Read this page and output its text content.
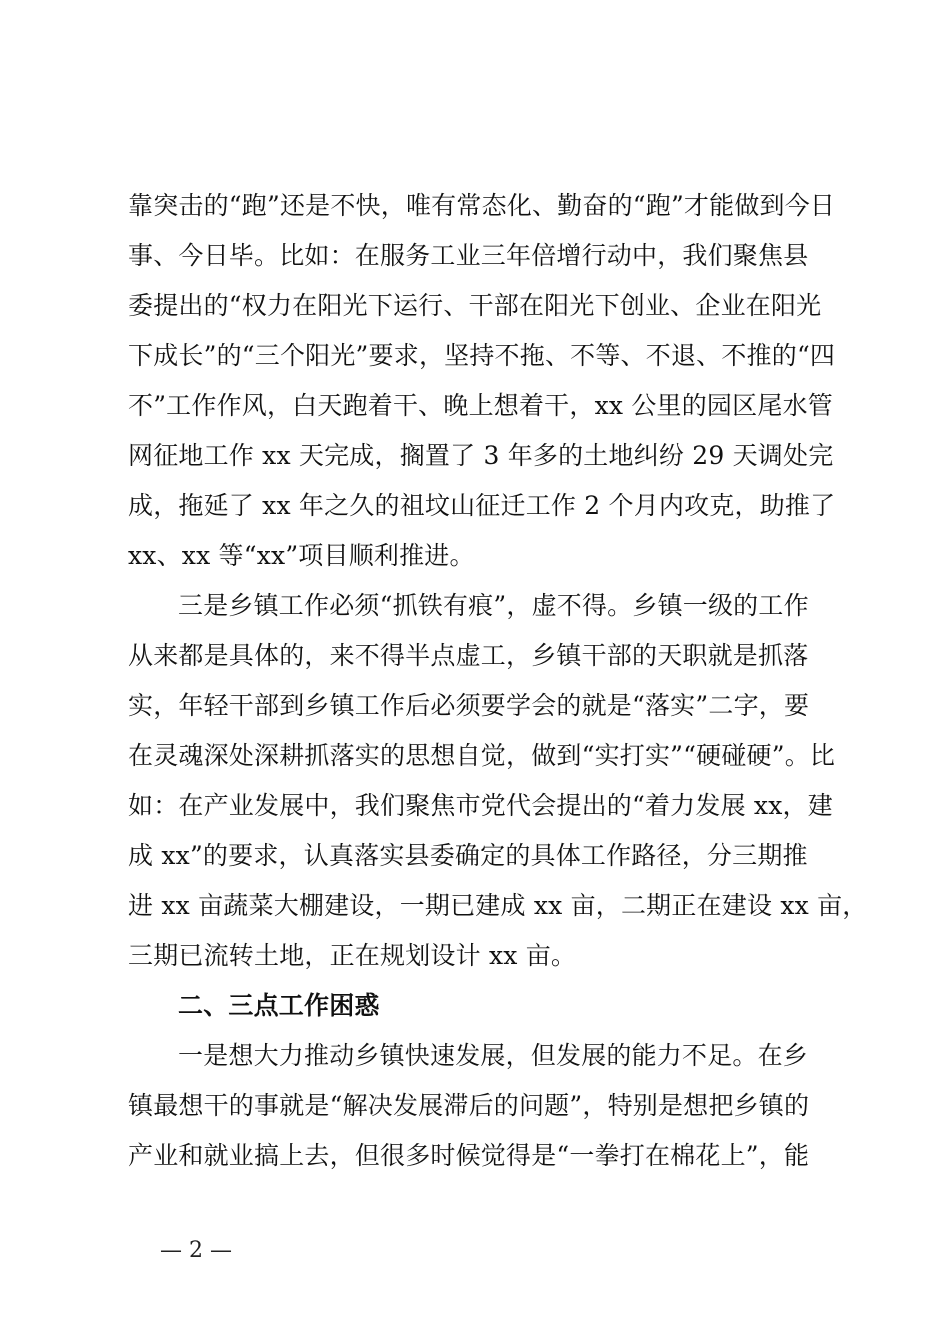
靠突击的“跑”还是不快，唯有常态化、勤奋的“跑”才能做到今日
事、今日毕。比如：在服务工业三年倍增行动中，我们聚焦县
委提出的“权力在阳光下运行、干部在阳光下创业、企业在阳光
下成长”的“三个阳光”要求，坚持不拖、不等、不退、不推的“四
不”工作作风，白天跑着干、晚上想着干，xx 公里的园区尾水管
网征地工作 xx 天完成，搁置了 3 年多的土地纠纷 29 天调处完
成，拖延了 xx 年之久的祖坟山征迁工作 2 个月内攻克，助推了
xx、xx 等“xx”项目顺利推进。
三是乡镇工作必须“抓铁有痕”，虚不得。乡镇一级的工作
从来都是具体的，来不得半点虚工，乡镇干部的天职就是抓落
实，年轻干部到乡镇工作后必须要学会的就是“落实”二字，要
在灵魂深处深耕抓落实的思想自觉，做到“实打实”“硬碰硬”。比
如：在产业发展中，我们聚焦市党代会提出的“着力发展 xx，建
成 xx”的要求，认真落实县委确定的具体工作路径，分三期推
进 xx 亩蔬菜大棚建设，一期已建成 xx 亩，二期正在建设 xx 亩，
三期已流转土地，正在规划设计 xx 亩。
二、三点工作困惑
一是想大力推动乡镇快速发展，但发展的能力不足。在乡
镇最想干的事就是“解决发展滞后的问题”，特别是想把乡镇的
产业和就业搞上去，但很多时候觉得是“一拳打在棉花上”，能
— 2 —
